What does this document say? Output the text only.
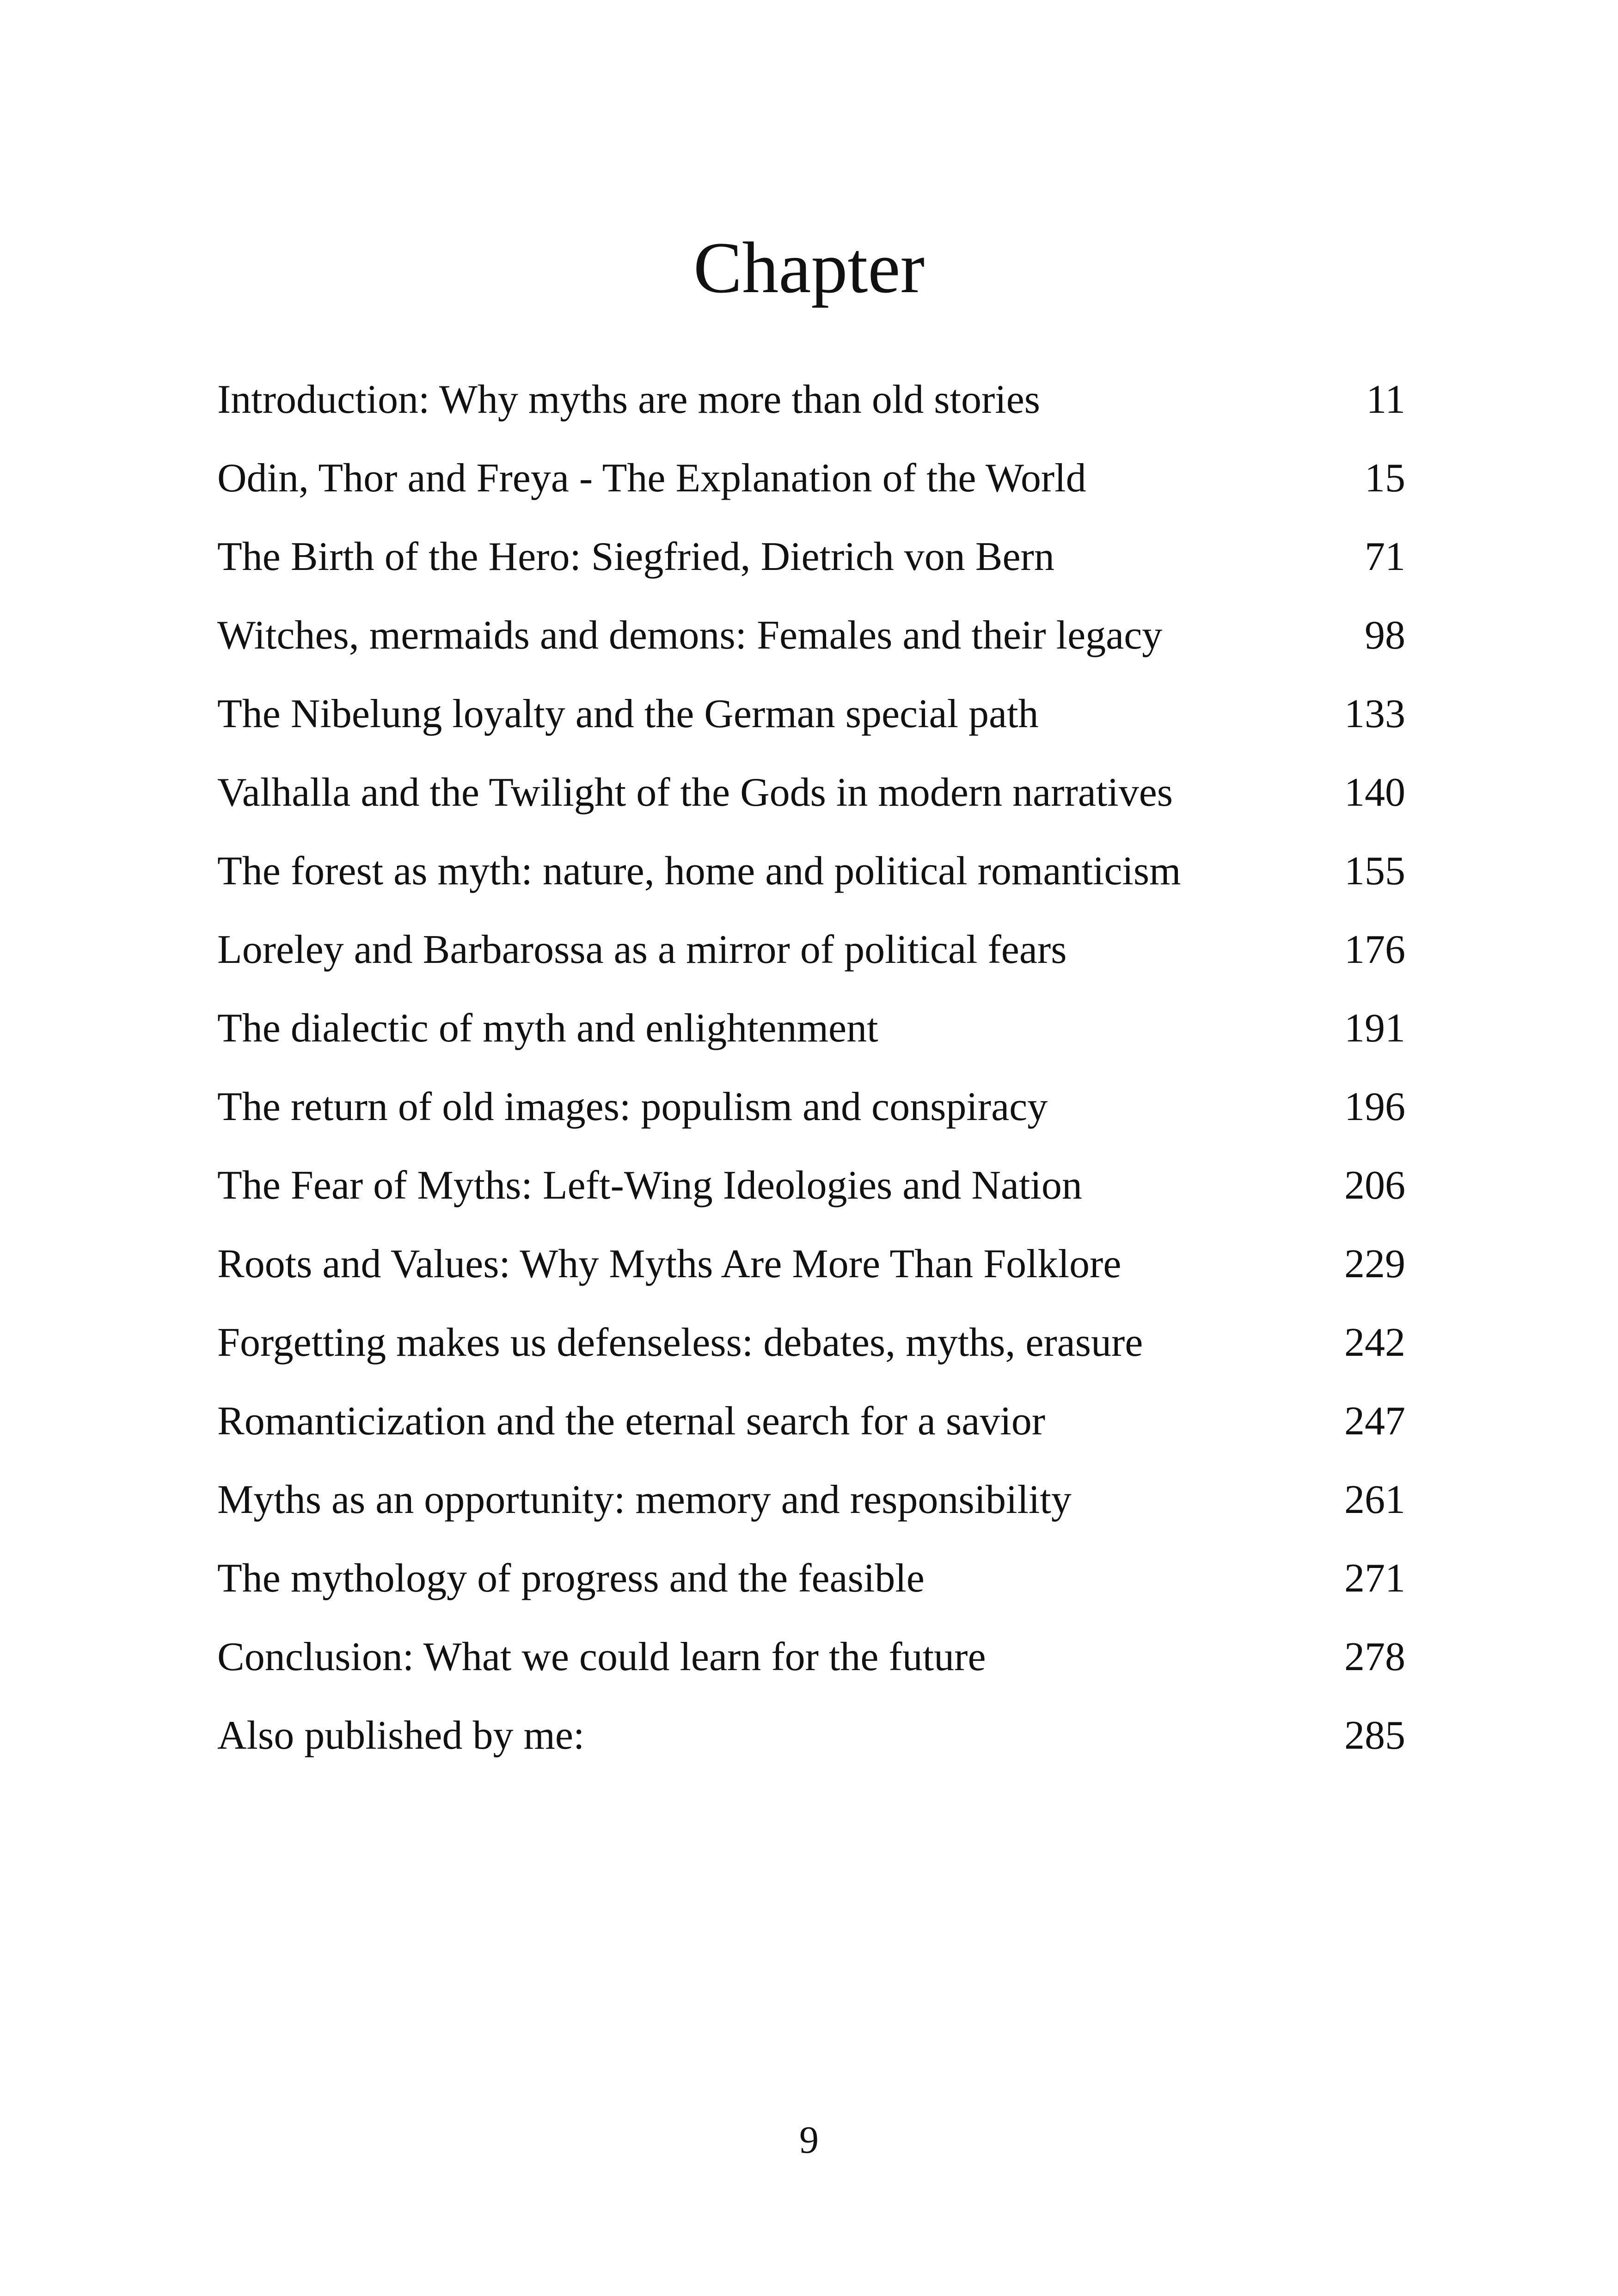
Chapter
Introduction: Why myths are more than old stories	11
Odin, Thor and Freya - The Explanation of the World	15
The Birth of the Hero: Siegfried, Dietrich von Bern	71
Witches, mermaids and demons: Females and their legacy	98
The Nibelung loyalty and the German special path	133
Valhalla and the Twilight of the Gods in modern narratives	140
The forest as myth: nature, home and political romanticism	155
Loreley and Barbarossa as a mirror of political fears	176
The dialectic of myth and enlightenment	191
The return of old images: populism and conspiracy	196
The Fear of Myths: Left-Wing Ideologies and Nation	206
Roots and Values: Why Myths Are More Than Folklore	229
Forgetting makes us defenseless: debates, myths, erasure	242
Romanticization and the eternal search for a savior	247
Myths as an opportunity: memory and responsibility	261
The mythology of progress and the feasible	271
Conclusion: What we could learn for the future	278
Also published by me:	285

9
